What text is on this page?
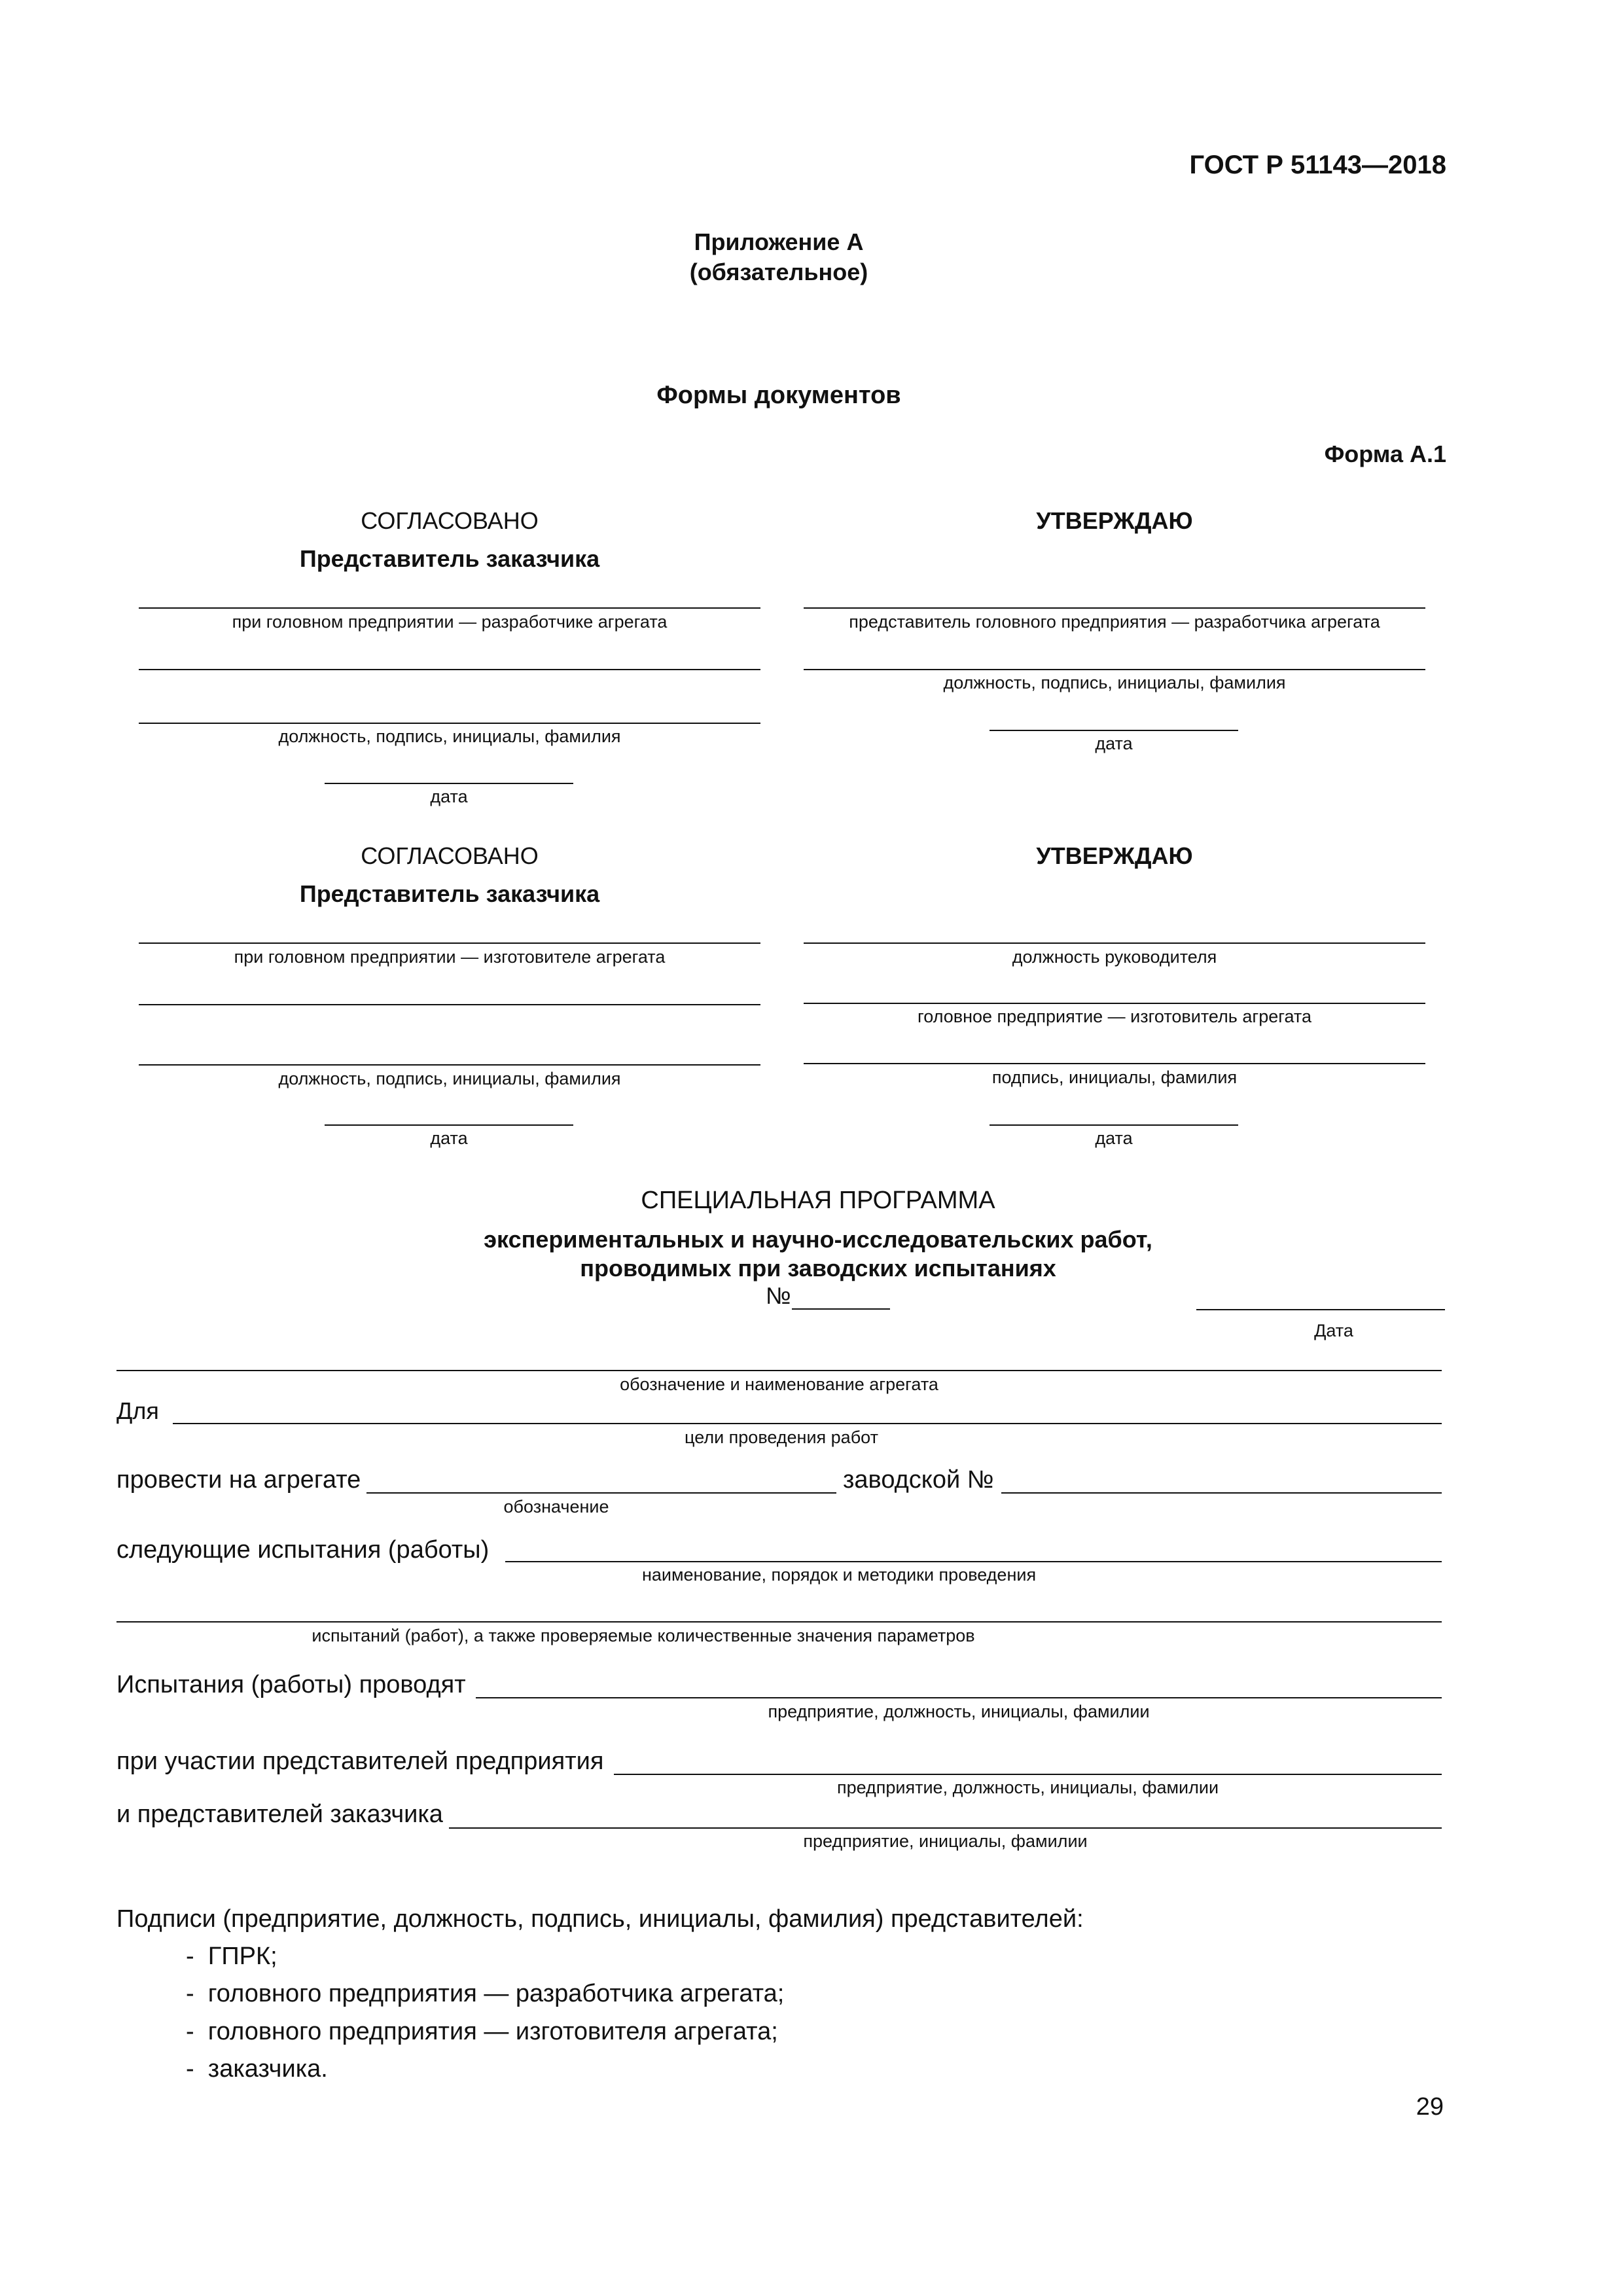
ГОСТ Р 51143—2018
Приложение А
(обязательное)
Формы документов
Форма А.1
СОГЛАСОВАНО
Представитель заказчика
при головном предприятии — разработчике агрегата
должность, подпись, инициалы, фамилия
дата
УТВЕРЖДАЮ
представитель головного предприятия — разработчика агрегата
должность, подпись, инициалы, фамилия
дата
СОГЛАСОВАНО
Представитель заказчика
при головном предприятии — изготовителе агрегата
должность, подпись, инициалы, фамилия
дата
УТВЕРЖДАЮ
должность руководителя
головное предприятие — изготовитель агрегата
подпись, инициалы, фамилия
дата
СПЕЦИАЛЬНАЯ ПРОГРАММА
экспериментальных и научно-исследовательских работ,
проводимых при заводских испытаниях
№
Дата
обозначение и наименование агрегата
Для
цели проведения работ
провести на агрегате
обозначение
заводской №
следующие испытания (работы)
наименование, порядок и методики проведения
испытаний (работ), а также проверяемые количественные значения параметров
Испытания (работы) проводят
предприятие, должность, инициалы, фамилии
при участии представителей предприятия
предприятие, должность, инициалы, фамилии
и представителей заказчика
предприятие, инициалы, фамилии
Подписи (предприятие, должность, подпись, инициалы, фамилия) представителей:
-  ГПРК;
-  головного предприятия — разработчика агрегата;
-  головного предприятия — изготовителя агрегата;
-  заказчика.
29
